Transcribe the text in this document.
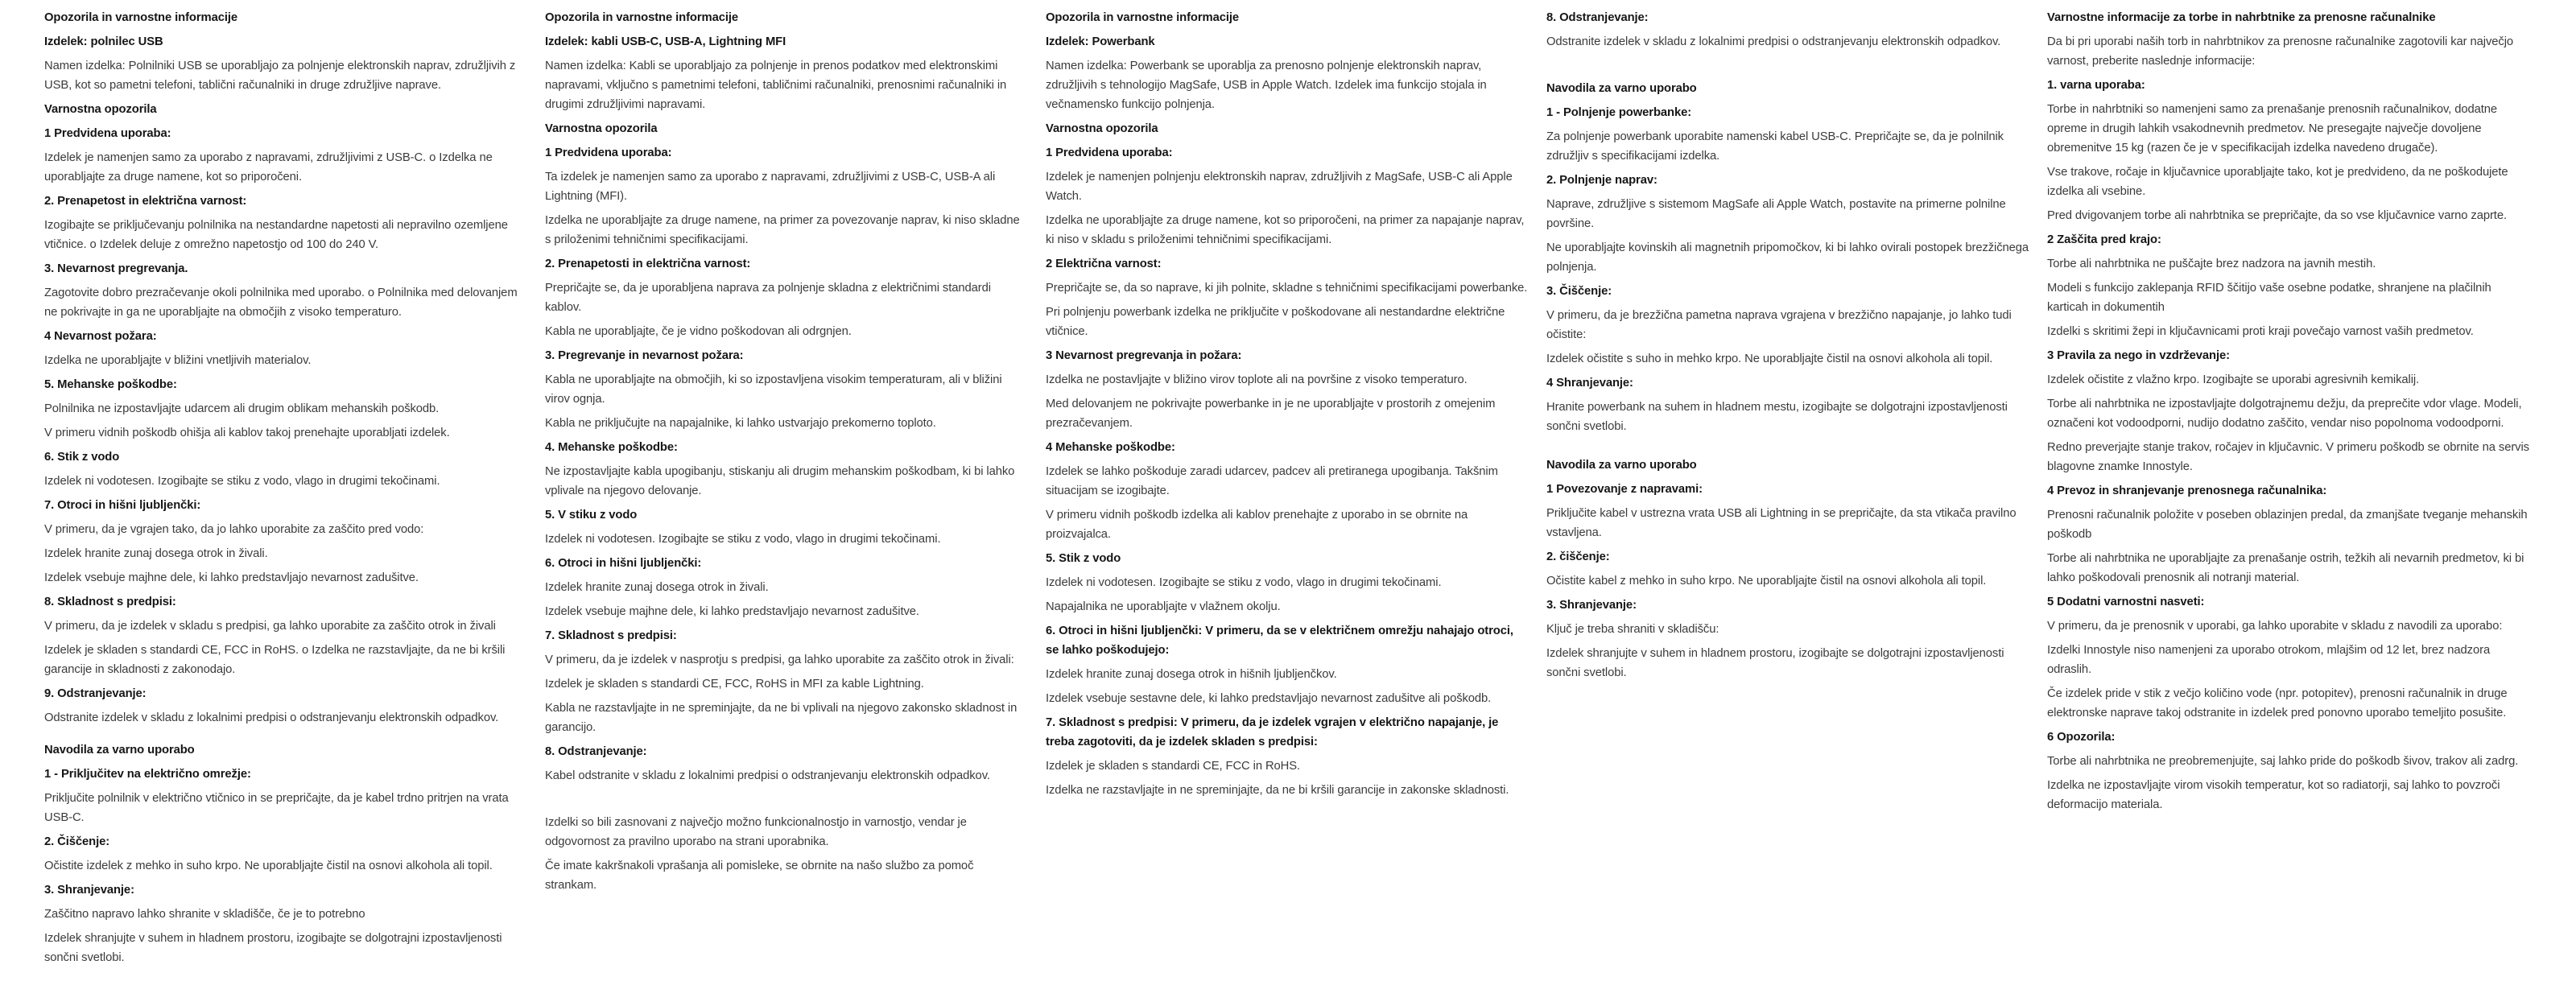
Opozorila in varnostne informacije
Izdelek: polnilec USB

Namen izdelka: Polnilniki USB se uporabljajo za polnjenje elektronskih naprav, združljivih z USB, kot so pametni telefoni, tablični računalniki in druge združljive naprave.

Varnostna opozorila
1 Predvidena uporaba:

Izdelek je namenjen samo za uporabo z napravami, združljivimi z USB-C. o Izdelka ne uporabljajte za druge namene, kot so priporočeni.

2. Prenapetost in električna varnost:

Izogibajte se priključevanju polnilnika na nestandardne napetosti ali nepravilno ozemljene vtičnice. o Izdelek deluje z omrežno napetostjo od 100 do 240 V.

3. Nevarnost pregrevanja.

Zagotovite dobro prezračevanje okoli polnilnika med uporabo. o Polnilnika med delovanjem ne pokrivajte in ga ne uporabljajte na območjih z visoko temperaturo.

4 Nevarnost požara:

Izdelka ne uporabljajte v bližini vnetljivih materialov.

5. Mehanske poškodbe:

Polnilnika ne izpostavljajte udarcem ali drugim oblikam mehanskih poškodb.

V primeru vidnih poškodb ohišja ali kablov takoj prenehajte uporabljati izdelek.

6. Stik z vodo

Izdelek ni vodotesen. Izogibajte se stiku z vodo, vlago in drugimi tekočinami.

7. Otroci in hišni ljubljenčki:

V primeru, da je vgrajen tako, da jo lahko uporabite za zaščito pred vodo:

Izdelek hranite zunaj dosega otrok in živali.

Izdelek vsebuje majhne dele, ki lahko predstavljajo nevarnost zadušitve.

8. Skladnost s predpisi:

V primeru, da je izdelek v skladu s predpisi, ga lahko uporabite za zaščito otrok in živali

Izdelek je skladen s standardi CE, FCC in RoHS. o Izdelka ne razstavljajte, da ne bi kršili garancije in skladnosti z zakonodajo.

9. Odstranjevanje:

Odstranite izdelek v skladu z lokalnimi predpisi o odstranjevanju elektronskih odpadkov.

Navodila za varno uporabo
1 - Priključitev na električno omrežje:

Priključite polnilnik v električno vtičnico in se prepričajte, da je kabel trdno pritrjen na vrata USB-C.

2. Čiščenje:

Očistite izdelek z mehko in suho krpo. Ne uporabljajte čistil na osnovi alkohola ali topil.

3. Shranjevanje:

Zaščitno napravo lahko shranite v skladišče, če je to potrebno

Izdelek shranjujte v suhem in hladnem prostoru, izogibajte se dolgotrajni izpostavljenosti sončni svetlobi.

Opozorila in varnostne informacije
Izdelek: kabli USB-C, USB-A, Lightning MFI

Namen izdelka: Kabli se uporabljajo za polnjenje in prenos podatkov med elektronskimi napravami, vključno s pametnimi telefoni, tabličnimi računalniki, prenosnimi računalniki in drugimi združljivimi napravami.

Varnostna opozorila
1 Predvidena uporaba:

Ta izdelek je namenjen samo za uporabo z napravami, združljivimi z USB-C, USB-A ali Lightning (MFI).

Izdelka ne uporabljajte za druge namene, na primer za povezovanje naprav, ki niso skladne s priloženimi tehničnimi specifikacijami.

2. Prenapetosti in električna varnost:

Prepričajte se, da je uporabljena naprava za polnjenje skladna z električnimi standardi kablov.

Kabla ne uporabljajte, če je vidno poškodovan ali odrgnjen.

3. Pregrevanje in nevarnost požara:

Kabla ne uporabljajte na območjih, ki so izpostavljena visokim temperaturam, ali v bližini virov ognja.

Kabla ne priključujte na napajalnike, ki lahko ustvarjajo prekomerno toploto.

4. Mehanske poškodbe:

Ne izpostavljajte kabla upogibanju, stiskanju ali drugim mehanskim poškodbam, ki bi lahko vplivale na njegovo delovanje.

5. V stiku z vodo

Izdelek ni vodotesen. Izogibajte se stiku z vodo, vlago in drugimi tekočinami.

6. Otroci in hišni ljubljenčki:

Izdelek hranite zunaj dosega otrok in živali.

Izdelek vsebuje majhne dele, ki lahko predstavljajo nevarnost zadušitve.

7. Skladnost s predpisi:

V primeru, da je izdelek v nasprotju s predpisi, ga lahko uporabite za zaščito otrok in živali:

Izdelek je skladen s standardi CE, FCC, RoHS in MFI za kable Lightning.

Kabla ne razstavljajte in ne spreminjajte, da ne bi vplivali na njegovo zakonsko skladnost in garancijo.

8. Odstranjevanje:

Kabel odstranite v skladu z lokalnimi predpisi o odstranjevanju elektronskih odpadkov.

Izdelki so bili zasnovani z največjo možno funkcionalnostjo in varnostjo, vendar je odgovornost za pravilno uporabo na strani uporabnika.

Če imate kakršnakoli vprašanja ali pomisleke, se obrnite na našo službo za pomoč strankam.

Opozorila in varnostne informacije
Izdelek: Powerbank

Namen izdelka: Powerbank se uporablja za prenosno polnjenje elektronskih naprav, združljivih s tehnologijo MagSafe, USB in Apple Watch. Izdelek ima funkcijo stojala in večnamensko funkcijo polnjenja.

Varnostna opozorila
1 Predvidena uporaba:

Izdelek je namenjen polnjenju elektronskih naprav, združljivih z MagSafe, USB-C ali Apple Watch.

Izdelka ne uporabljajte za druge namene, kot so priporočeni, na primer za napajanje naprav, ki niso v skladu s priloženimi tehničnimi specifikacijami.

2 Električna varnost:

Prepričajte se, da so naprave, ki jih polnite, skladne s tehničnimi specifikacijami powerbanke.

Pri polnjenju powerbank izdelka ne priključite v poškodovane ali nestandardne električne vtičnice.

3 Nevarnost pregrevanja in požara:

Izdelka ne postavljajte v bližino virov toplote ali na površine z visoko temperaturo.

Med delovanjem ne pokrivajte powerbanke in je ne uporabljajte v prostorih z omejenim prezračevanjem.

4 Mehanske poškodbe:

Izdelek se lahko poškoduje zaradi udarcev, padcev ali pretiranega upogibanja. Takšnim situacijam se izogibajte.

V primeru vidnih poškodb izdelka ali kablov prenehajte z uporabo in se obrnite na proizvajalca.

5. Stik z vodo

Izdelek ni vodotesen. Izogibajte se stiku z vodo, vlago in drugimi tekočinami.

Napajalnika ne uporabljajte v vlažnem okolju.

6. Otroci in hišni ljubljenčki: V primeru, da se v električnem omrežju nahajajo otroci, se lahko poškodujejo:

Izdelek hranite zunaj dosega otrok in hišnih ljubljenčkov.

Izdelek vsebuje sestavne dele, ki lahko predstavljajo nevarnost zadušitve ali poškodb.

7. Skladnost s predpisi: V primeru, da je izdelek vgrajen v električno napajanje, je treba zagotoviti, da je izdelek skladen s predpisi:

Izdelek je skladen s standardi CE, FCC in RoHS.

Izdelka ne razstavljajte in ne spreminjajte, da ne bi kršili garancije in zakonske skladnosti.

8. Odstranjevanje:

Odstranite izdelek v skladu z lokalnimi predpisi o odstranjevanju elektronskih odpadkov.

Navodila za varno uporabo
1 - Polnjenje powerbanke:

Za polnjenje powerbank uporabite namenski kabel USB-C. Prepričajte se, da je polnilnik združljiv s specifikacijami izdelka.

2. Polnjenje naprav:

Naprave, združljive s sistemom MagSafe ali Apple Watch, postavite na primerne polnilne površine.

Ne uporabljajte kovinskih ali magnetnih pripomočkov, ki bi lahko ovirali postopek brezžičnega polnjenja.

3. Čiščenje:

V primeru, da je brezžična pametna naprava vgrajena v brezžično napajanje, jo lahko tudi očistite:

Izdelek očistite s suho in mehko krpo. Ne uporabljajte čistil na osnovi alkohola ali topil.

4 Shranjevanje:

Hranite powerbank na suhem in hladnem mestu, izogibajte se dolgotrajni izpostavljenosti sončni svetlobi.

Navodila za varno uporabo
1 Povezovanje z napravami:

Priključite kabel v ustrezna vrata USB ali Lightning in se prepričajte, da sta vtikača pravilno vstavljena.

2. čiščenje:

Očistite kabel z mehko in suho krpo. Ne uporabljajte čistil na osnovi alkohola ali topil.

3. Shranjevanje:

Ključ je treba shraniti v skladišču:

Izdelek shranjujte v suhem in hladnem prostoru, izogibajte se dolgotrajni izpostavljenosti sončni svetlobi.

Varnostne informacije za torbe in nahrbtnike za prenosne računalnike

Da bi pri uporabi naših torb in nahrbtnikov za prenosne računalnike zagotovili kar največjo varnost, preberite naslednje informacije:

1. varna uporaba:

Torbe in nahrbtniki so namenjeni samo za prenašanje prenosnih računalnikov, dodatne opreme in drugih lahkih vsakodnevnih predmetov. Ne presegajte največje dovoljene obremenitve 15 kg (razen če je v specifikacijah izdelka navedeno drugače).

Vse trakove, ročaje in ključavnice uporabljajte tako, kot je predvideno, da ne poškodujete izdelka ali vsebine.

Pred dvigovanjem torbe ali nahrbtnika se prepričajte, da so vse ključavnice varno zaprte.

2 Zaščita pred krajo:

Torbe ali nahrbtnika ne puščajte brez nadzora na javnih mestih.

Modeli s funkcijo zaklepanja RFID ščitijo vaše osebne podatke, shranjene na plačilnih karticah in dokumentih

Izdelki s skritimi žepi in ključavnicami proti kraji povečajo varnost vaših predmetov.

3 Pravila za nego in vzdrževanje:

Izdelek očistite z vlažno krpo. Izogibajte se uporabi agresivnih kemikalij.

Torbe ali nahrbtnika ne izpostavljajte dolgotrajnemu dežju, da preprečite vdor vlage. Modeli, označeni kot vodoodporni, nudijo dodatno zaščito, vendar niso popolnoma vodoodporni.

Redno preverjajte stanje trakov, ročajev in ključavnic. V primeru poškodb se obrnite na servis blagovne znamke Innostyle.

4 Prevoz in shranjevanje prenosnega računalnika:

Prenosni računalnik položite v poseben oblazinjen predal, da zmanjšate tveganje mehanskih poškodb

Torbe ali nahrbtnika ne uporabljajte za prenašanje ostrih, težkih ali nevarnih predmetov, ki bi lahko poškodovali prenosnik ali notranji material.

5 Dodatni varnostni nasveti:

V primeru, da je prenosnik v uporabi, ga lahko uporabite v skladu z navodili za uporabo:

Izdelki Innostyle niso namenjeni za uporabo otrokom, mlajšim od 12 let, brez nadzora odraslih.

Če izdelek pride v stik z večjo količino vode (npr. potopitev), prenosni računalnik in druge elektronske naprave takoj odstranite in izdelek pred ponovno uporabo temeljito posušite.

6 Opozorila:

Torbe ali nahrbtnika ne preobremenjujte, saj lahko pride do poškodb šivov, trakov ali zadrg.

Izdelka ne izpostavljajte virom visokih temperatur, kot so radiatorji, saj lahko to povzroči deformacijo materiala.
